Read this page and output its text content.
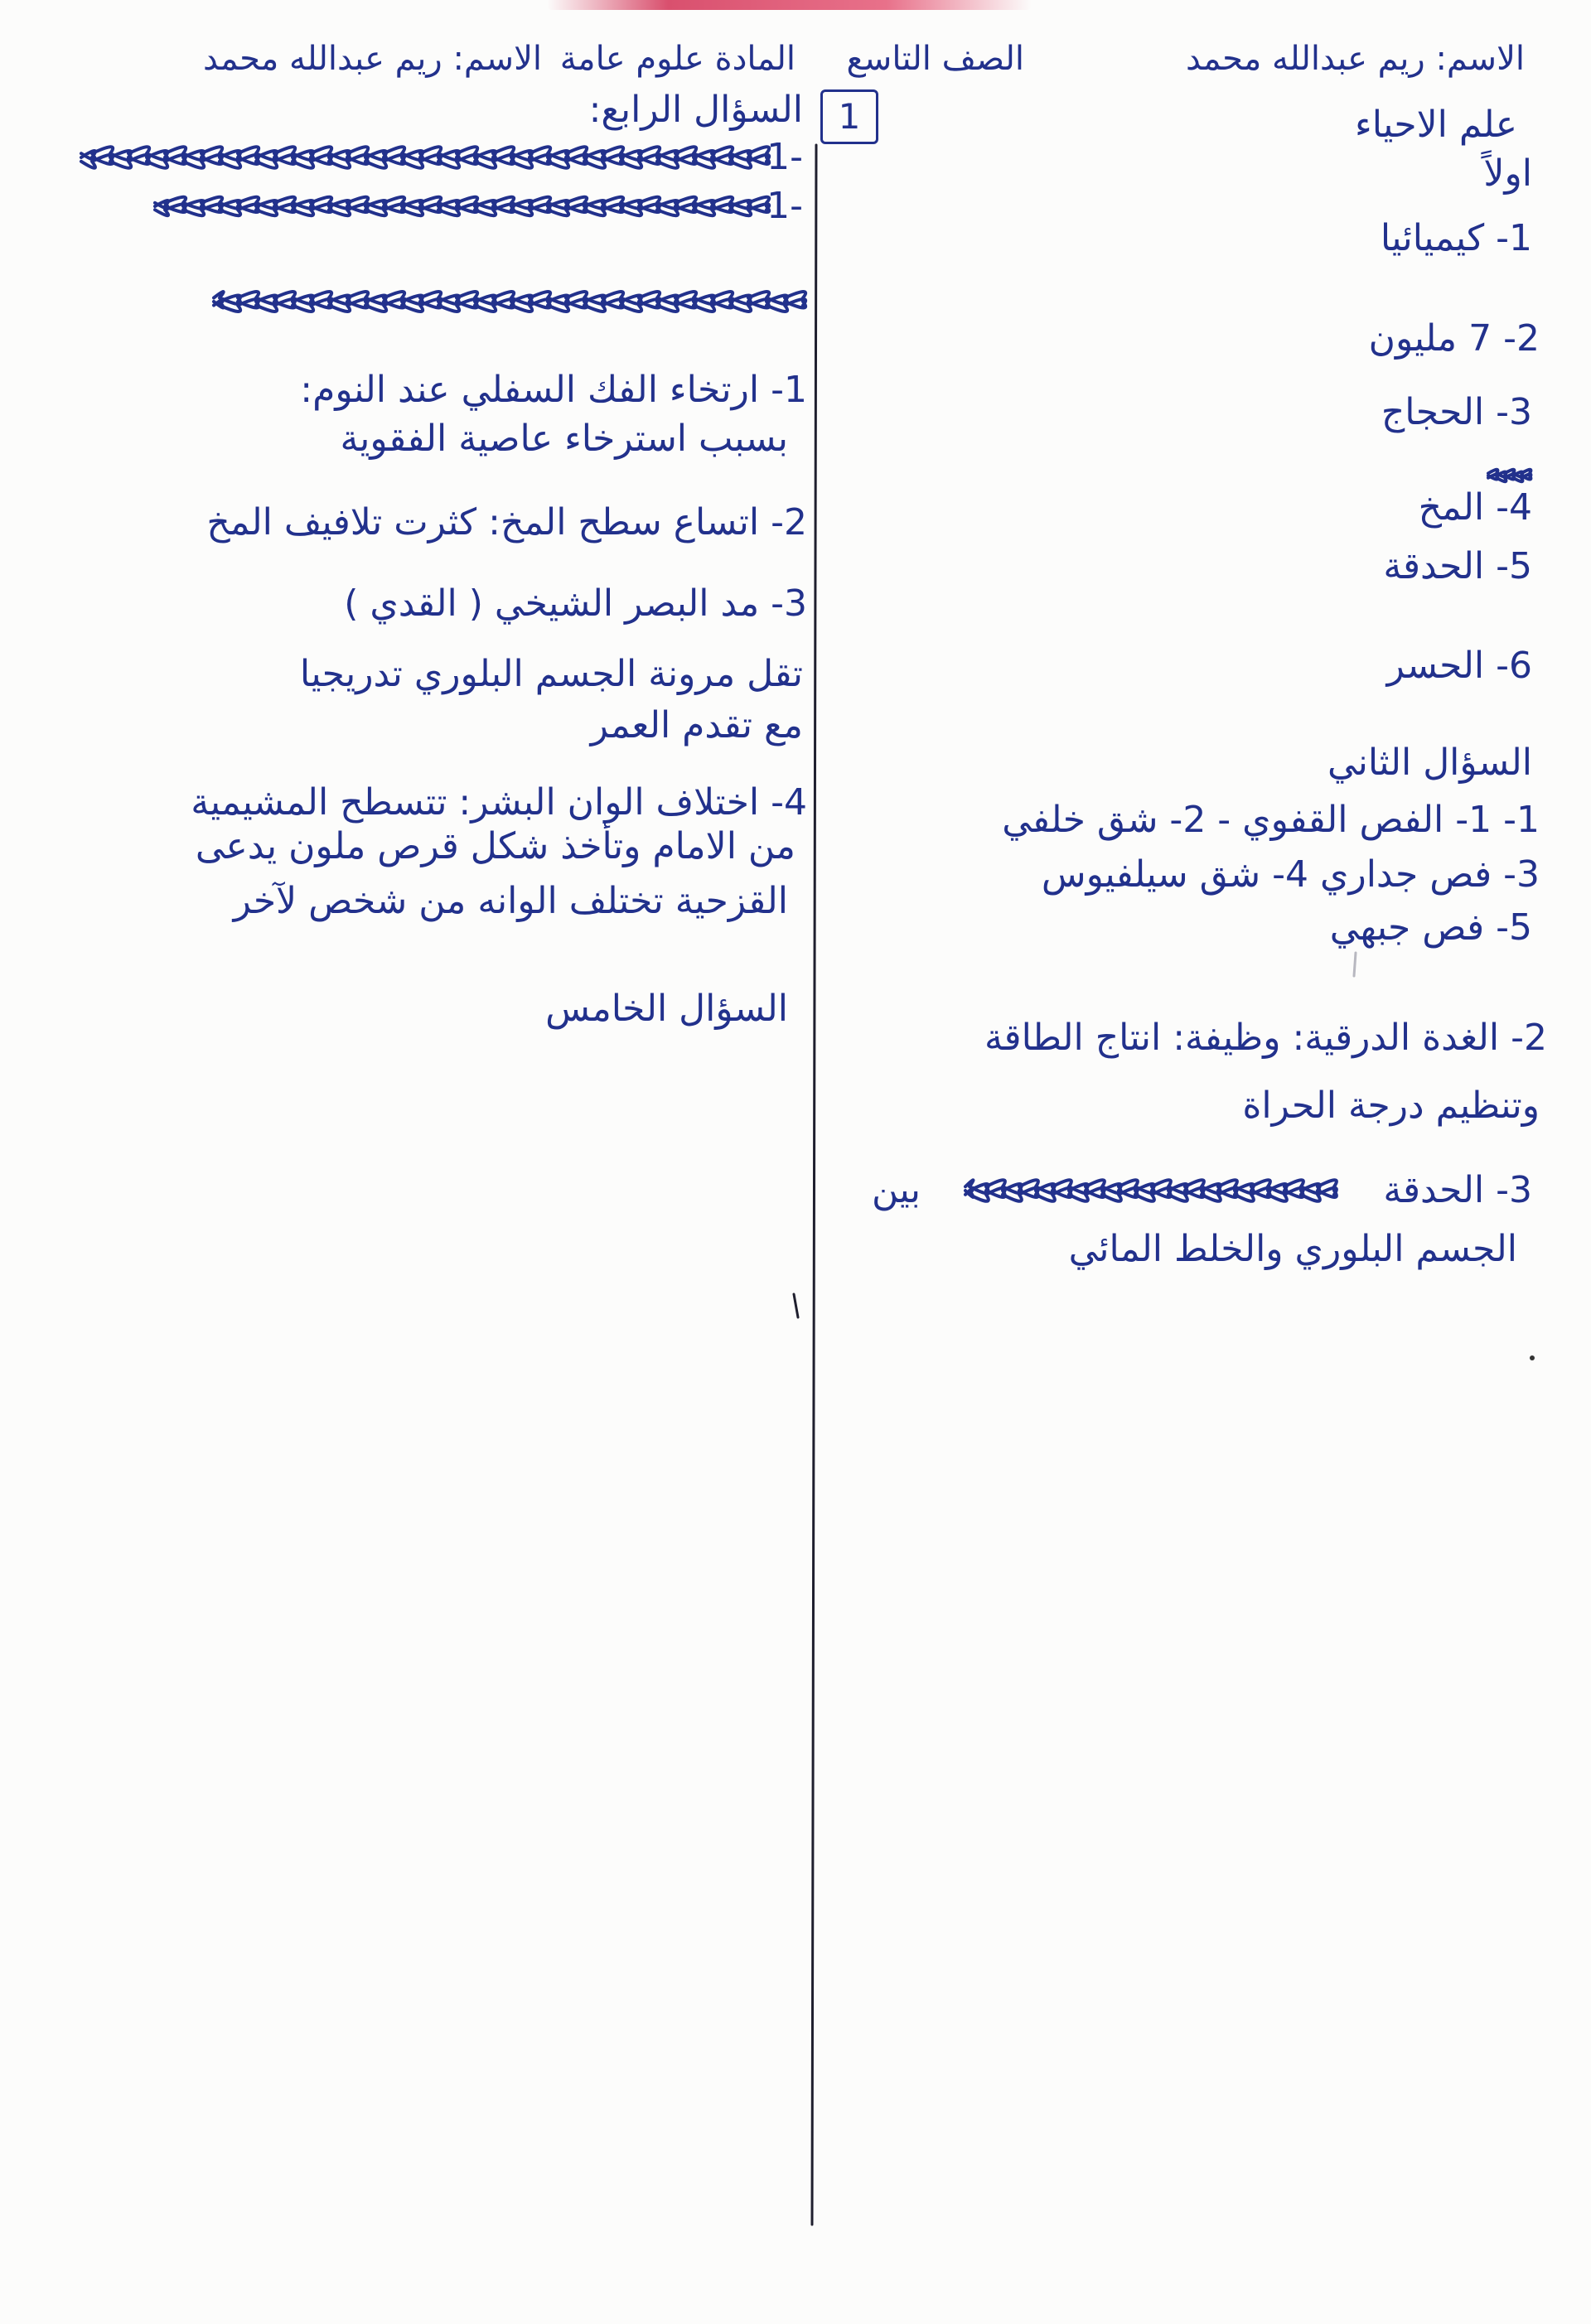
الاسم: ريم عبدالله محمد
الصف التاسع
المادة علوم عامة
الاسم: ريم عبدالله محمد
1	علم الاحياء
اولاً
1- كيميائيا
2- 7 مليون
3- الحجاج
4- المخ
5- الحدقة
6- الحسر
السؤال الثاني
1- 1- الفص القفوي - 2- شق خلفي
3- فص جداري 4- شق سيلفيوس
5- فص جبهي
2- الغدة الدرقية: وظيفة: انتاج الطاقة
وتنظيم درجة الحراة
3- الحدقة
بين
الجسم البلوري والخلط المائي
السؤال الرابع:
1-
1-
1- ارتخاء الفك السفلي عند النوم:
بسبب استرخاء عاصية الفقوية
2- اتساع سطح المخ: كثرت تلافيف المخ
3- مد البصر الشيخي ( القدي )
تقل مرونة الجسم البلوري تدريجيا
مع تقدم العمر
4- اختلاف الوان البشر: تتسطح المشيمية
من الامام وتأخذ شكل قرص ملون يدعى
القزحية تختلف الوانه من شخص لآخر
السؤال الخامس
